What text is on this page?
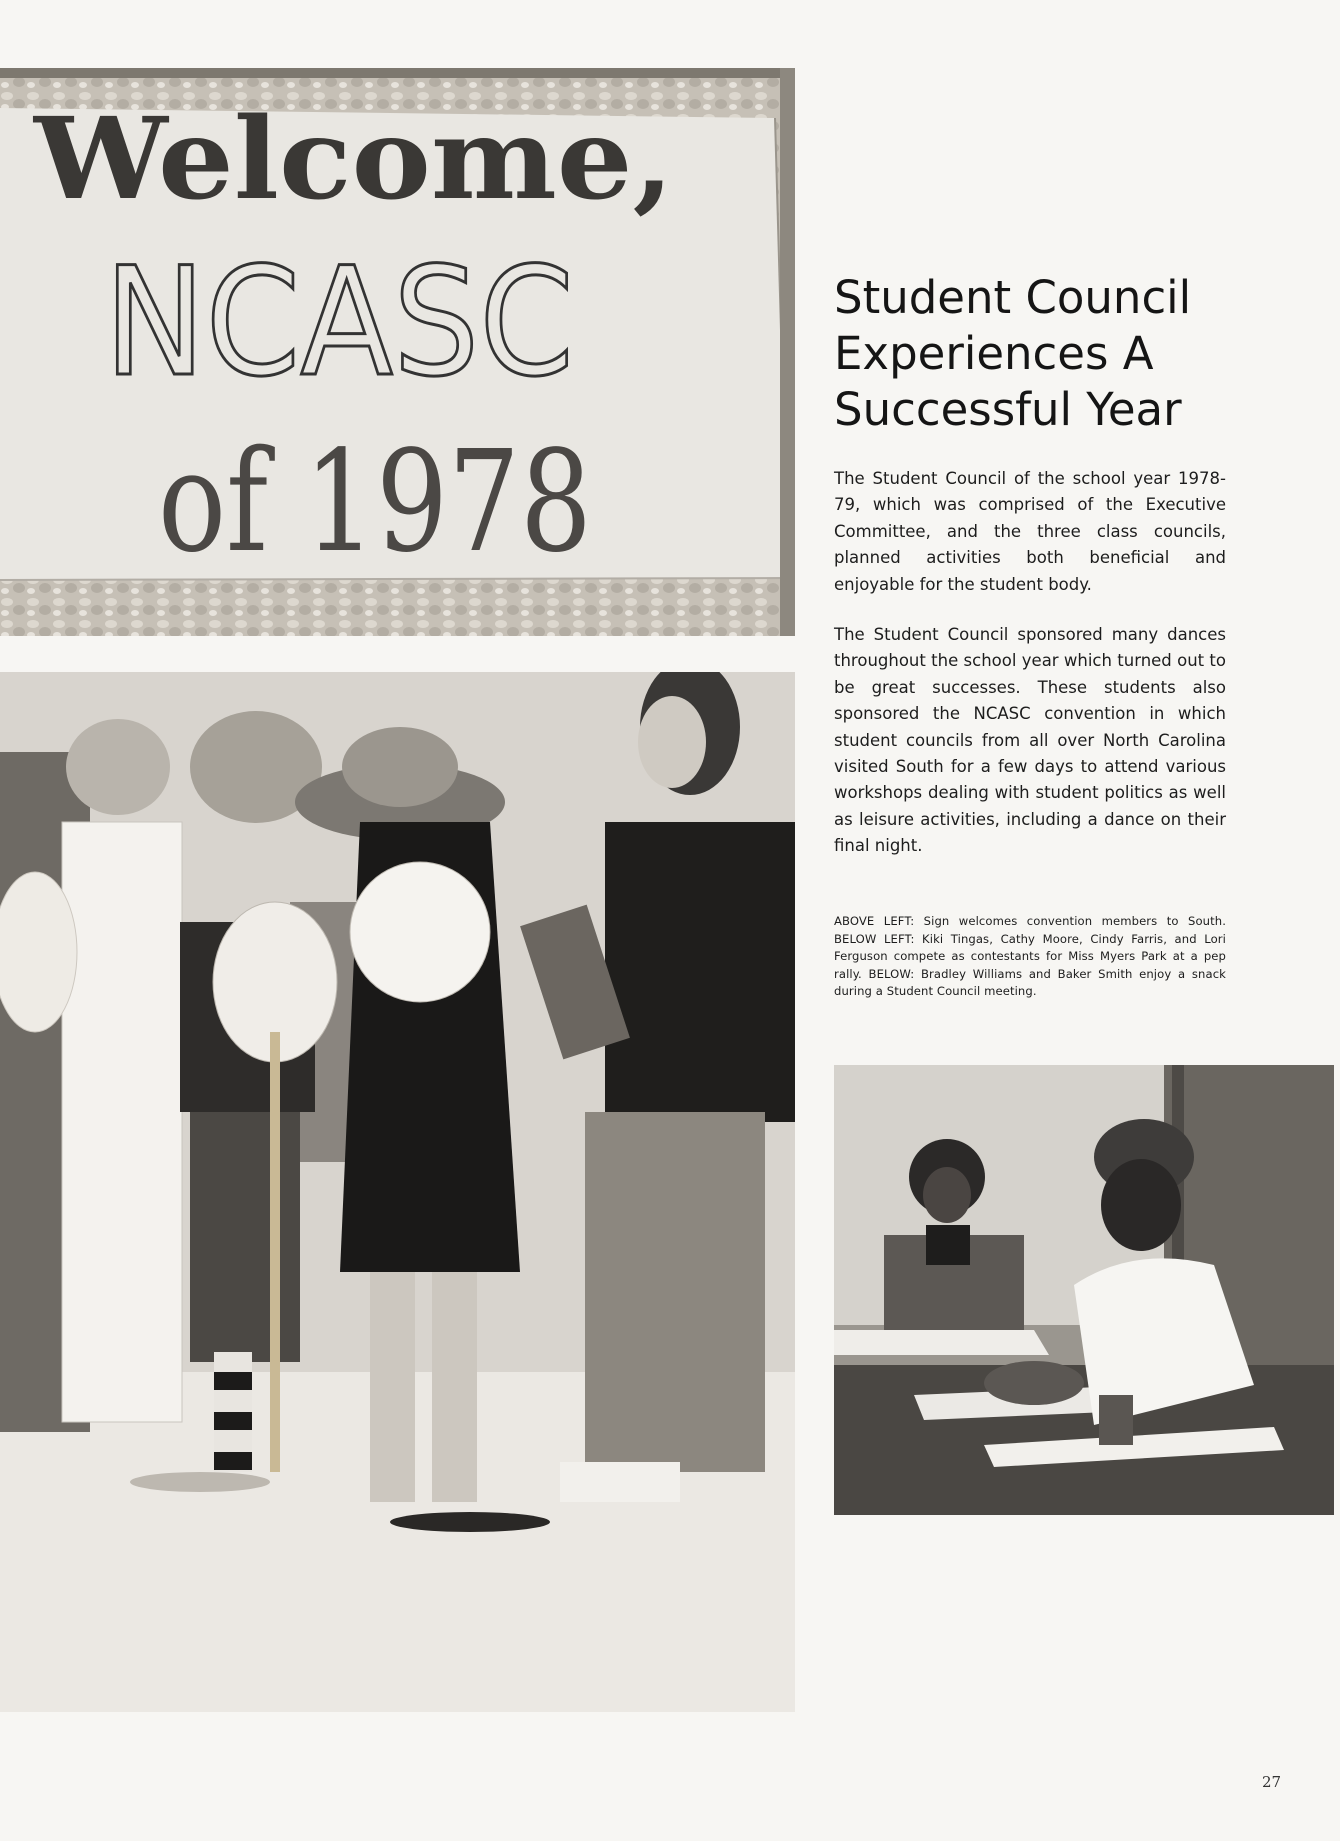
Welcome,
NCASC
of 1978
Student Council
Experiences A
Successful Year

The Student Council of the school year 1978-79, which was comprised of the Executive Committee, and the three class councils, planned activities both beneficial and enjoyable for the student body.

The Student Council sponsored many dances throughout the school year which turned out to be great successes. These students also sponsored the NCASC convention in which student councils from all over North Carolina visited South for a few days to attend various workshops dealing with student politics as well as leisure activities, including a dance on their final night.

ABOVE LEFT: Sign welcomes convention members to South. BELOW LEFT: Kiki Tingas, Cathy Moore, Cindy Farris, and Lori Ferguson compete as contestants for Miss Myers Park at a pep rally. BELOW: Bradley Williams and Baker Smith enjoy a snack during a Student Council meeting.

27
